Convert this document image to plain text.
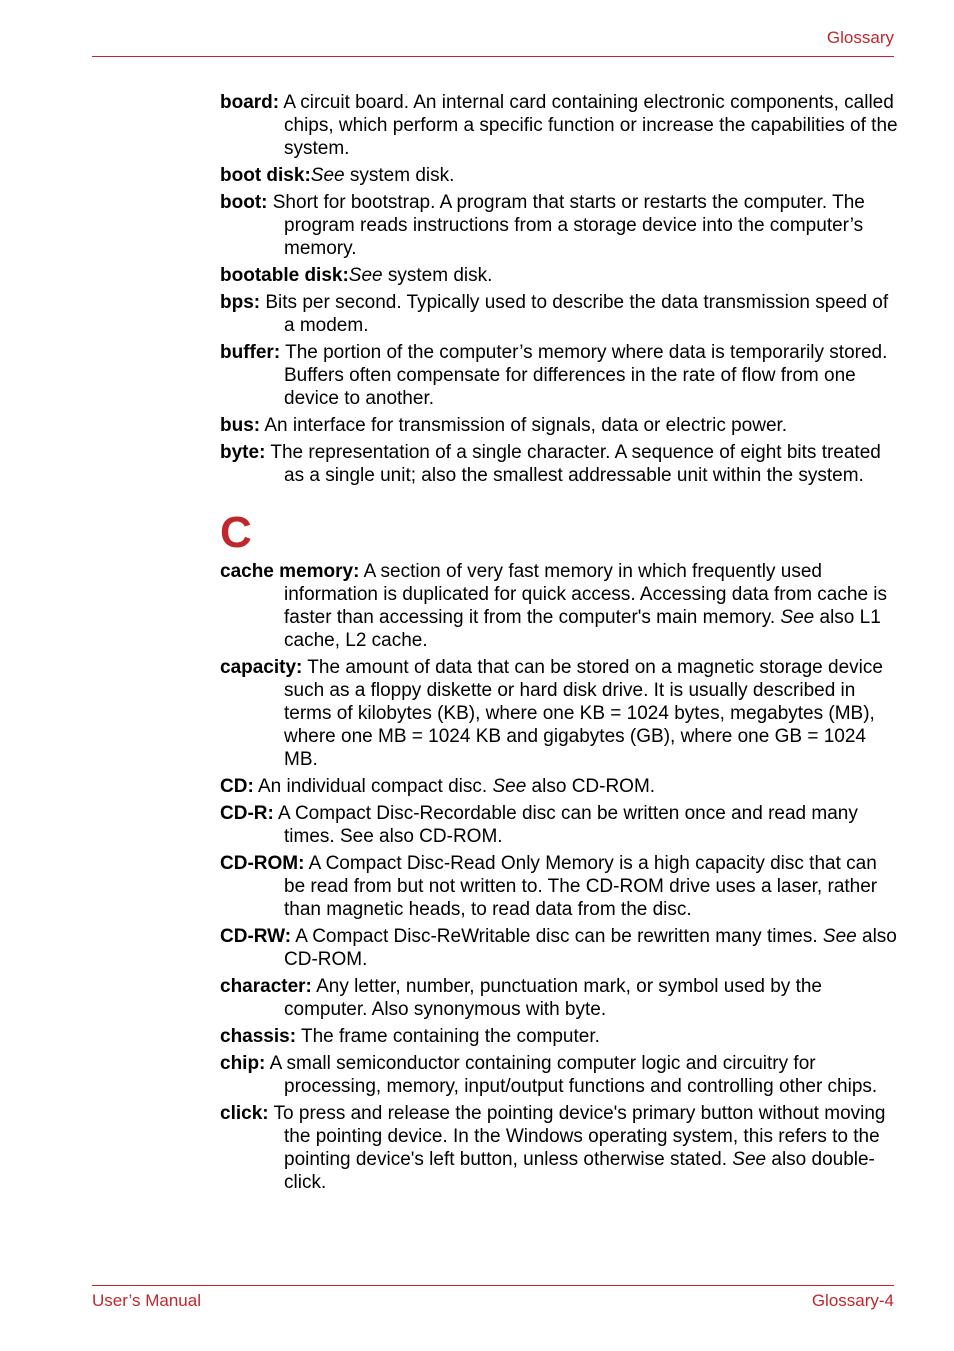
Glossary

board: A circuit board. An internal card containing electronic components, called chips, which perform a specific function or increase the capabilities of the system.

boot disk:See system disk.

boot: Short for bootstrap. A program that starts or restarts the computer. The program reads instructions from a storage device into the computer’s memory.

bootable disk:See system disk.

bps: Bits per second. Typically used to describe the data transmission speed of a modem.

buffer: The portion of the computer’s memory where data is temporarily stored. Buffers often compensate for differences in the rate of flow from one device to another.

bus: An interface for transmission of signals, data or electric power.

byte: The representation of a single character. A sequence of eight bits treated as a single unit; also the smallest addressable unit within the system.

C

cache memory: A section of very fast memory in which frequently used information is duplicated for quick access. Accessing data from cache is faster than accessing it from the computer's main memory. See also L1 cache, L2 cache.

capacity: The amount of data that can be stored on a magnetic storage device such as a floppy diskette or hard disk drive. It is usually described in terms of kilobytes (KB), where one KB = 1024 bytes, megabytes (MB), where one MB = 1024 KB and gigabytes (GB), where one GB = 1024 MB.

CD: An individual compact disc. See also CD-ROM.

CD-R: A Compact Disc-Recordable disc can be written once and read many times. See also CD-ROM.

CD-ROM: A Compact Disc-Read Only Memory is a high capacity disc that can be read from but not written to. The CD-ROM drive uses a laser, rather than magnetic heads, to read data from the disc.

CD-RW: A Compact Disc-ReWritable disc can be rewritten many times. See also CD-ROM.

character: Any letter, number, punctuation mark, or symbol used by the computer. Also synonymous with byte.

chassis: The frame containing the computer.

chip: A small semiconductor containing computer logic and circuitry for processing, memory, input/output functions and controlling other chips.

click: To press and release the pointing device's primary button without moving the pointing device. In the Windows operating system, this refers to the pointing device's left button, unless otherwise stated. See also double-click.

User’s Manual	Glossary-4
